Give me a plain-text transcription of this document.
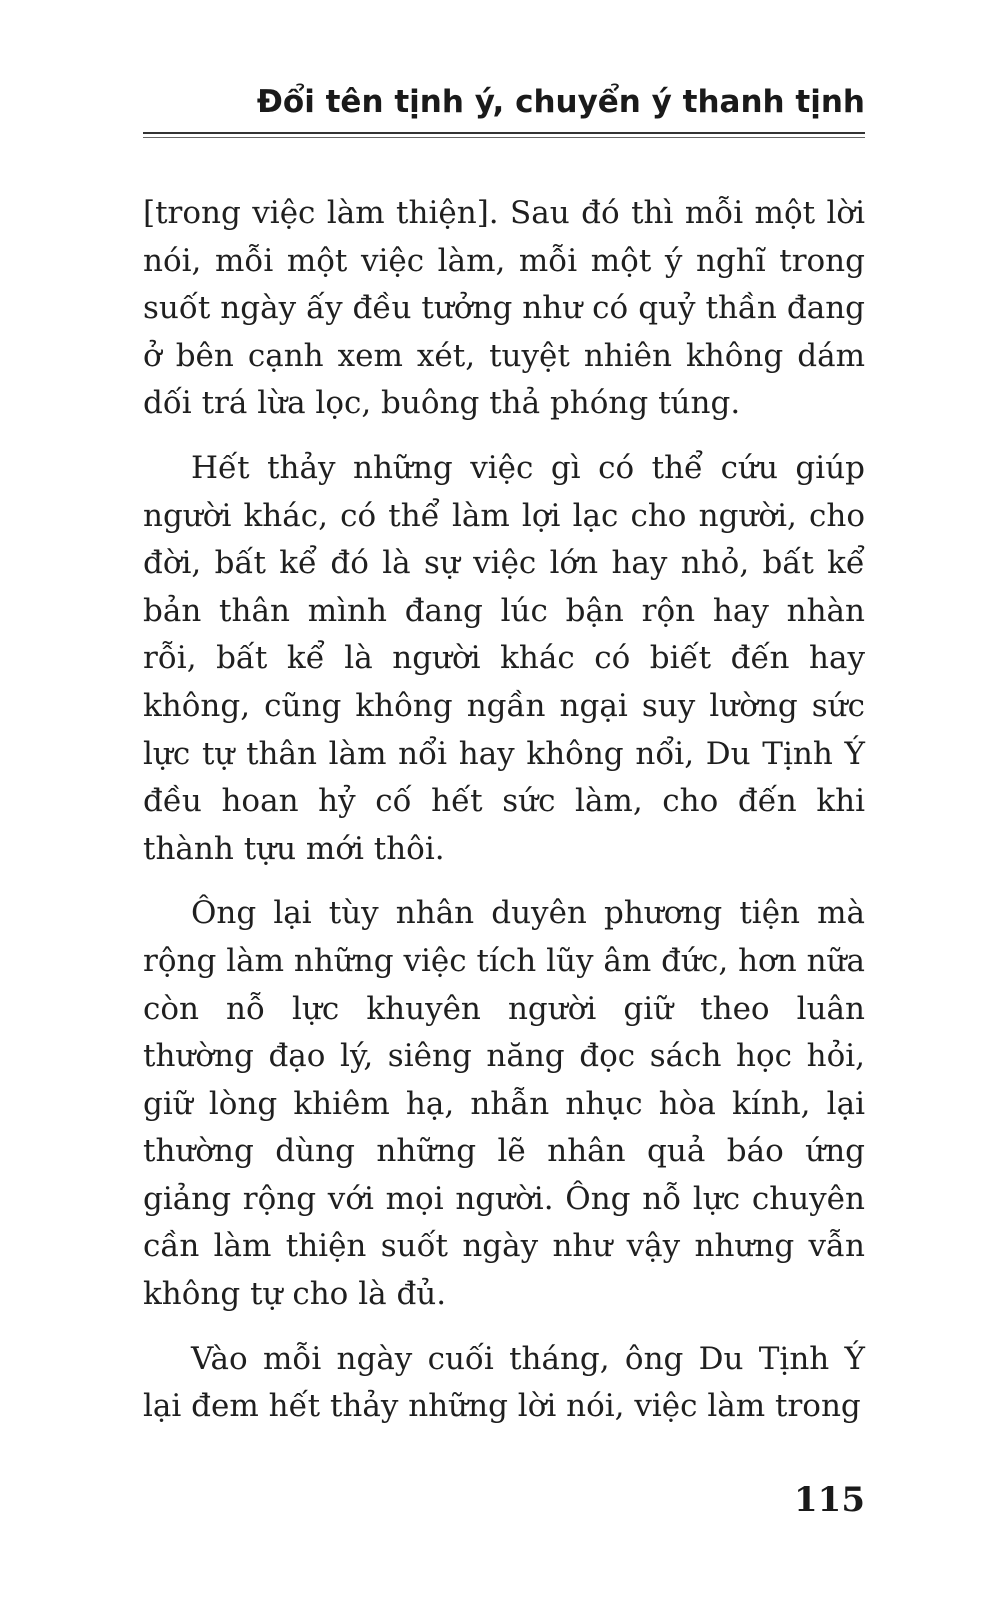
Đổi tên tịnh ý, chuyển ý thanh tịnh

[trong việc làm thiện]. Sau đó thì mỗi một lời nói, mỗi một việc làm, mỗi một ý nghĩ trong suốt ngày ấy đều tưởng như có quỷ thần đang ở bên cạnh xem xét, tuyệt nhiên không dám dối trá lừa lọc, buông thả phóng túng.

Hết thảy những việc gì có thể cứu giúp người khác, có thể làm lợi lạc cho người, cho đời, bất kể đó là sự việc lớn hay nhỏ, bất kể bản thân mình đang lúc bận rộn hay nhàn rỗi, bất kể là người khác có biết đến hay không, cũng không ngần ngại suy lường sức lực tự thân làm nổi hay không nổi, Du Tịnh Ý đều hoan hỷ cố hết sức làm, cho đến khi thành tựu mới thôi.

Ông lại tùy nhân duyên phương tiện mà rộng làm những việc tích lũy âm đức, hơn nữa còn nỗ lực khuyên người giữ theo luân thường đạo lý, siêng năng đọc sách học hỏi, giữ lòng khiêm hạ, nhẫn nhục hòa kính, lại thường dùng những lẽ nhân quả báo ứng giảng rộng với mọi người. Ông nỗ lực chuyên cần làm thiện suốt ngày như vậy nhưng vẫn không tự cho là đủ.

Vào mỗi ngày cuối tháng, ông Du Tịnh Ý lại đem hết thảy những lời nói, việc làm trong

115
